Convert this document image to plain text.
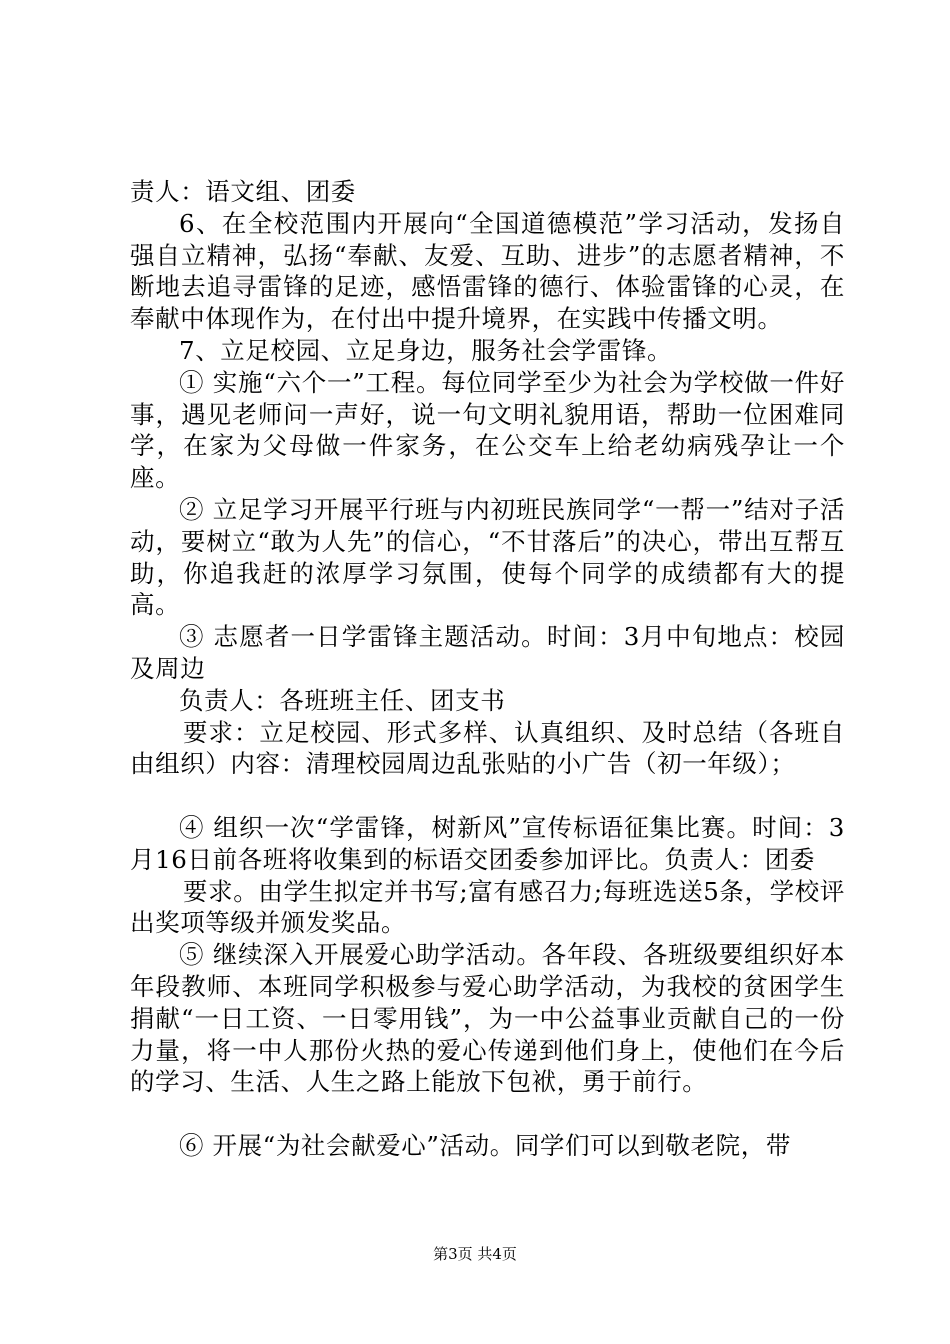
责人：语文组、团委

6、在全校范围内开展向“全国道德模范”学习活动，发扬自强自立精神，弘扬“奉献、友爱、互助、进步”的志愿者精神，不断地去追寻雷锋的足迹，感悟雷锋的德行、体验雷锋的心灵，在奉献中体现作为，在付出中提升境界，在实践中传播文明。

7、立足校园、立足身边，服务社会学雷锋。

① 实施“六个一”工程。每位同学至少为社会为学校做一件好事，遇见老师问一声好，说一句文明礼貌用语，帮助一位困难同学，在家为父母做一件家务，在公交车上给老幼病残孕让一个座。

② 立足学习开展平行班与内初班民族同学“一帮一”结对子活动，要树立“敢为人先”的信心，“不甘落后”的决心，带出互帮互助，你追我赶的浓厚学习氛围，使每个同学的成绩都有大的提高。

③ 志愿者一日学雷锋主题活动。时间：3月中旬地点：校园及周边

负责人：各班班主任、团支书

要求：立足校园、形式多样、认真组织、及时总结（各班自由组织）内容：清理校园周边乱张贴的小广告（初一年级）；

④ 组织一次“学雷锋，树新风”宣传标语征集比赛。时间：3月16日前各班将收集到的标语交团委参加评比。负责人：团委

要求。由学生拟定并书写;富有感召力;每班选送5条，学校评出奖项等级并颁发奖品。

⑤ 继续深入开展爱心助学活动。各年段、各班级要组织好本年段教师、本班同学积极参与爱心助学活动，为我校的贫困学生捐献“一日工资、一日零用钱”，为一中公益事业贡献自己的一份力量，将一中人那份火热的爱心传递到他们身上，使他们在今后的学习、生活、人生之路上能放下包袱，勇于前行。

⑥ 开展“为社会献爱心”活动。同学们可以到敬老院，带

第3页 共4页
